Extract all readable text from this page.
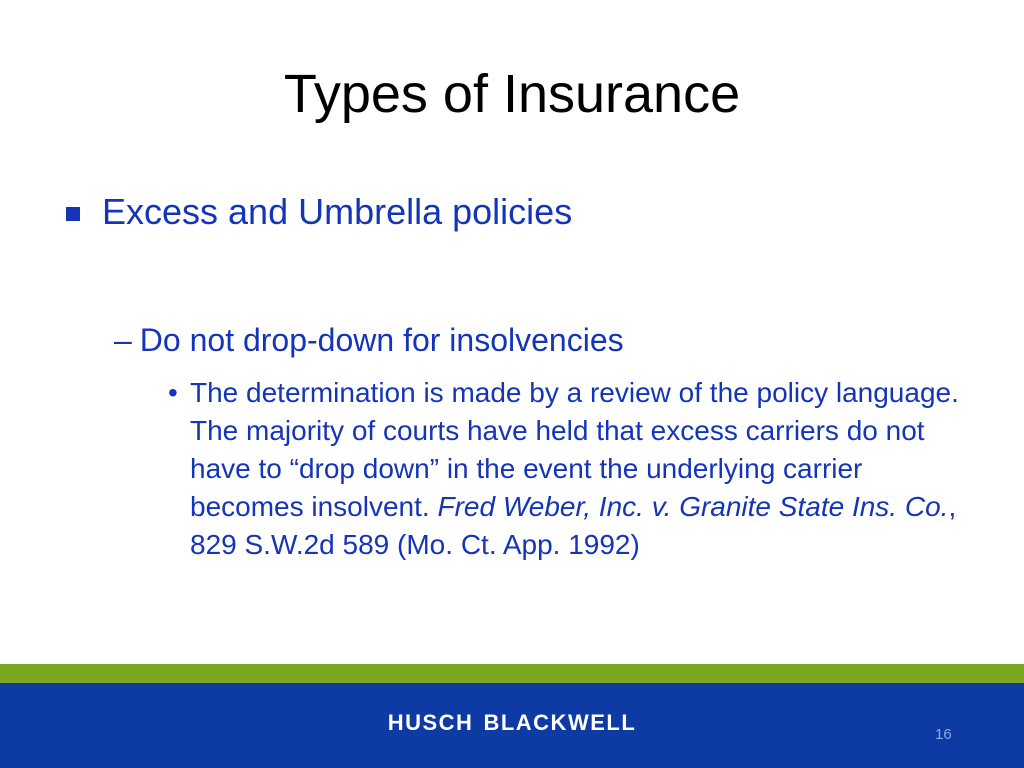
Types of Insurance
Excess and Umbrella policies
– Do not drop-down for insolvencies
• The determination is made by a review of the policy language. The majority of courts have held that excess carriers do not have to “drop down” in the event the underlying carrier becomes insolvent. Fred Weber, Inc. v. Granite State Ins. Co., 829 S.W.2d 589 (Mo. Ct. App. 1992)
HUSCH BLACKWELL	16
